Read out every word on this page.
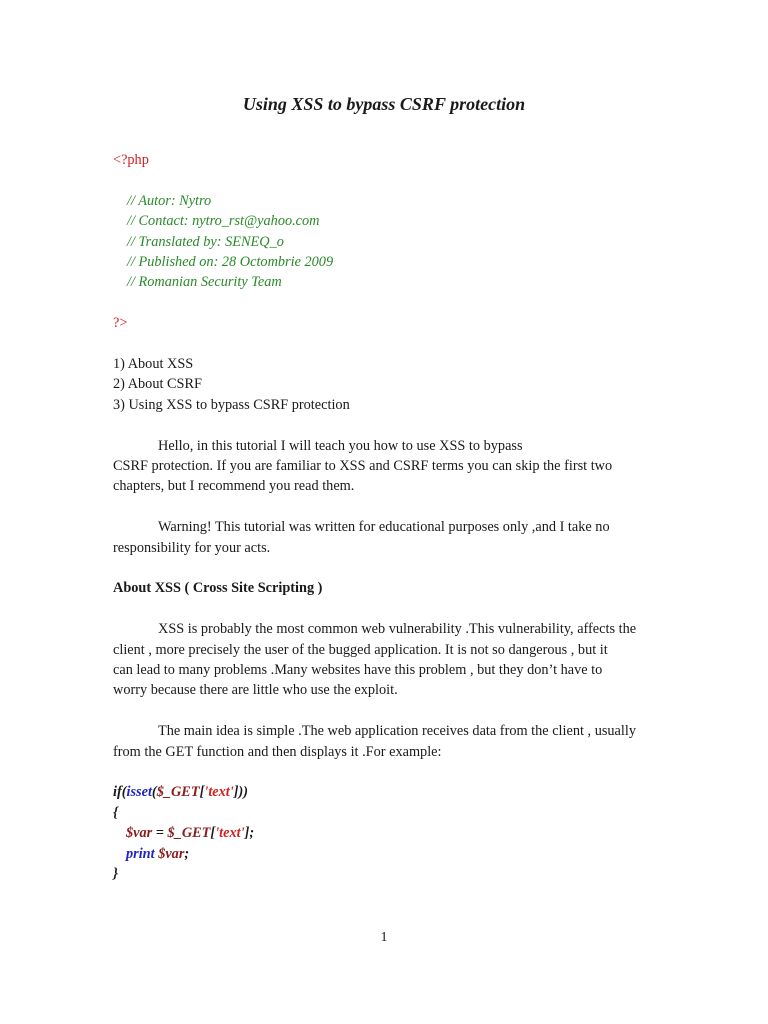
Using XSS to bypass CSRF protection
<?php
// Autor: Nytro
// Contact: nytro_rst@yahoo.com
// Translated by: SENEQ_o
// Published on: 28 Octombrie 2009
// Romanian Security Team
?>
1) About XSS
2) About CSRF
3) Using XSS to bypass CSRF protection
Hello, in this tutorial I will teach you how to use XSS to bypass
CSRF protection. If you are familiar to XSS and CSRF terms you can skip the first two
chapters, but I recommend you read them.
Warning! This tutorial was written for educational purposes only ,and I take no
responsibility for your acts.
About XSS ( Cross Site Scripting )
XSS is probably the most common web vulnerability .This vulnerability, affects the
client , more precisely the user of the bugged application. It is not so dangerous , but it
can lead to many problems .Many websites have this problem , but they don’t have to
worry because there are little who use the exploit.
The main idea is simple .The web application receives data from the client , usually
from the GET function and then displays it .For example:
if(isset($_GET['text']))
{
$var = $_GET['text'];
print $var;
}
1
